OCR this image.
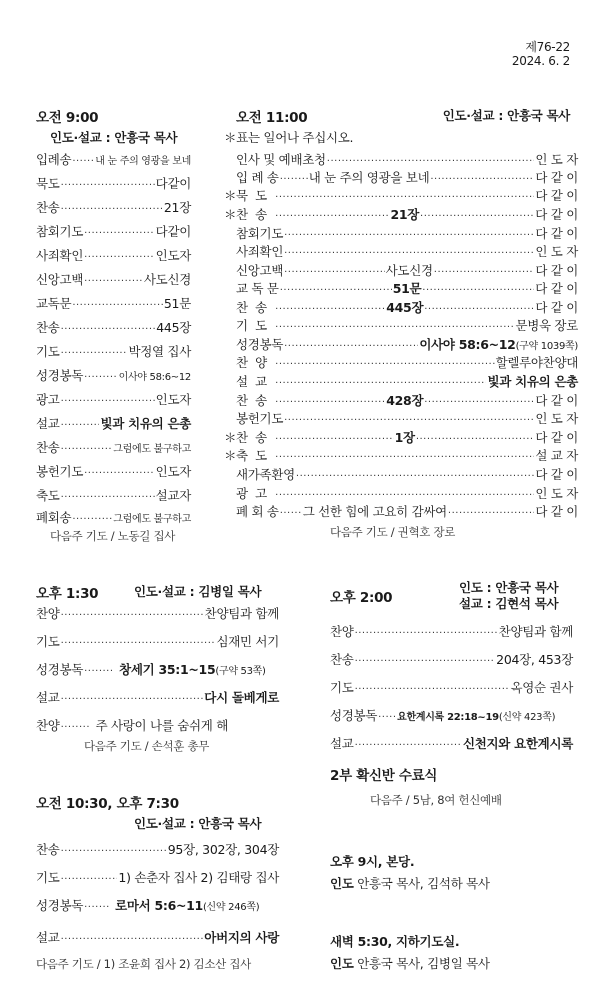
제76-22
2024. 6. 2
오전 9:00
인도·설교 : 안흥국 목사
입례송 ····· 내 눈 주의 영광을 보네
묵도 ·····	다같이
찬송 ·····	21장
참회기도 ·····	다같이
사죄확인 ·····	인도자
신앙고백 ·····	사도신경
교독문 ·····	51문
찬송 ·····	445장
기도 ·····	박정열 집사
성경봉독 ·····	이사야 58:6~12
광고 ·····	인도자
설교 ·····	빛과 치유의 은총
찬송 ·····	그럼에도 불구하고
봉헌기도 ·····	인도자
축도 ·····	설교자
폐회송 ·····	그럼에도 불구하고
다음주 기도 / 노동길 집사
오전 11:00	인도·설교 : 안흥국 목사
＊표는 일어나 주십시오.
인사 및 예배초청 ·····	인 도 자
입 례 송 ····· 내 눈 주의 영광을 보네 ·····	다 같 이
＊ 묵도 ·····	다 같 이
＊ 찬송 ·····	21장 ·····	다 같 이
참회기도 ·····	다 같 이
사죄확인 ·····	인 도 자
신앙고백 ·····	사도신경 ·····	다 같 이
교 독 문 ·····	51문 ·····	다 같 이
찬송 ·····	445장 ·····	다 같 이
기도 ·····	문병욱 장로
성경봉독 ·····	이사야 58:6~12 (구약 1039쪽)
찬양 ·····	할렐루야찬양대
설교 ·····	빛과 치유의 은총
찬송 ·····	428장 ·····	다 같 이
봉헌기도 ·····	인 도 자
＊ 찬송 ·····	1장 ·····	다 같 이
＊ 축도 ·····	설 교 자
새가족환영 ·····	다 같 이
광고 ·····	인 도 자
폐 회 송 ····· 그 선한 힘에 고요히 감싸여 ·····	다 같 이
다음주 기도 / 권혁호 장로
오후 1:30	인도·설교 : 김병일 목사
찬양 ·····	찬양팀과 함께
기도 ·····	심재민 서기
성경봉독 ·····	창세기 35:1~15 (구약 53쪽)
설교 ·····	다시 돌베게로
찬양 ·····	주 사랑이 나를 숨쉬게 해
다음주 기도 / 손석훈 총무
오후 2:00
인도 : 안흥국 목사
설교 : 김현석 목사
찬양 ·····	찬양팀과 함께
찬송 ·····	204장, 453장
기도 ·····	옥영순 권사
성경봉독 ····· 요한계시록 22:18~19 (신약 423쪽)
설교 ·····	신천지와 요한계시록
2부 확신반 수료식
다음주 / 5남, 8여 헌신예배
오전 10:30, 오후 7:30
인도·설교 : 안흥국 목사
찬송 ·····	95장, 302장, 304장
기도 ·····	1) 손춘자 집사 2) 김태랑 집사
성경봉독 ·····	로마서 5:6~11 (신약 246쪽)
설교 ·····	아버지의 사랑
다음주 기도 / 1) 조윤희 집사 2) 김소산 집사
오후 9시, 본당.
인도 안흥국 목사, 김석하 목사
새벽 5:30, 지하기도실.
인도 안흥국 목사, 김병일 목사
